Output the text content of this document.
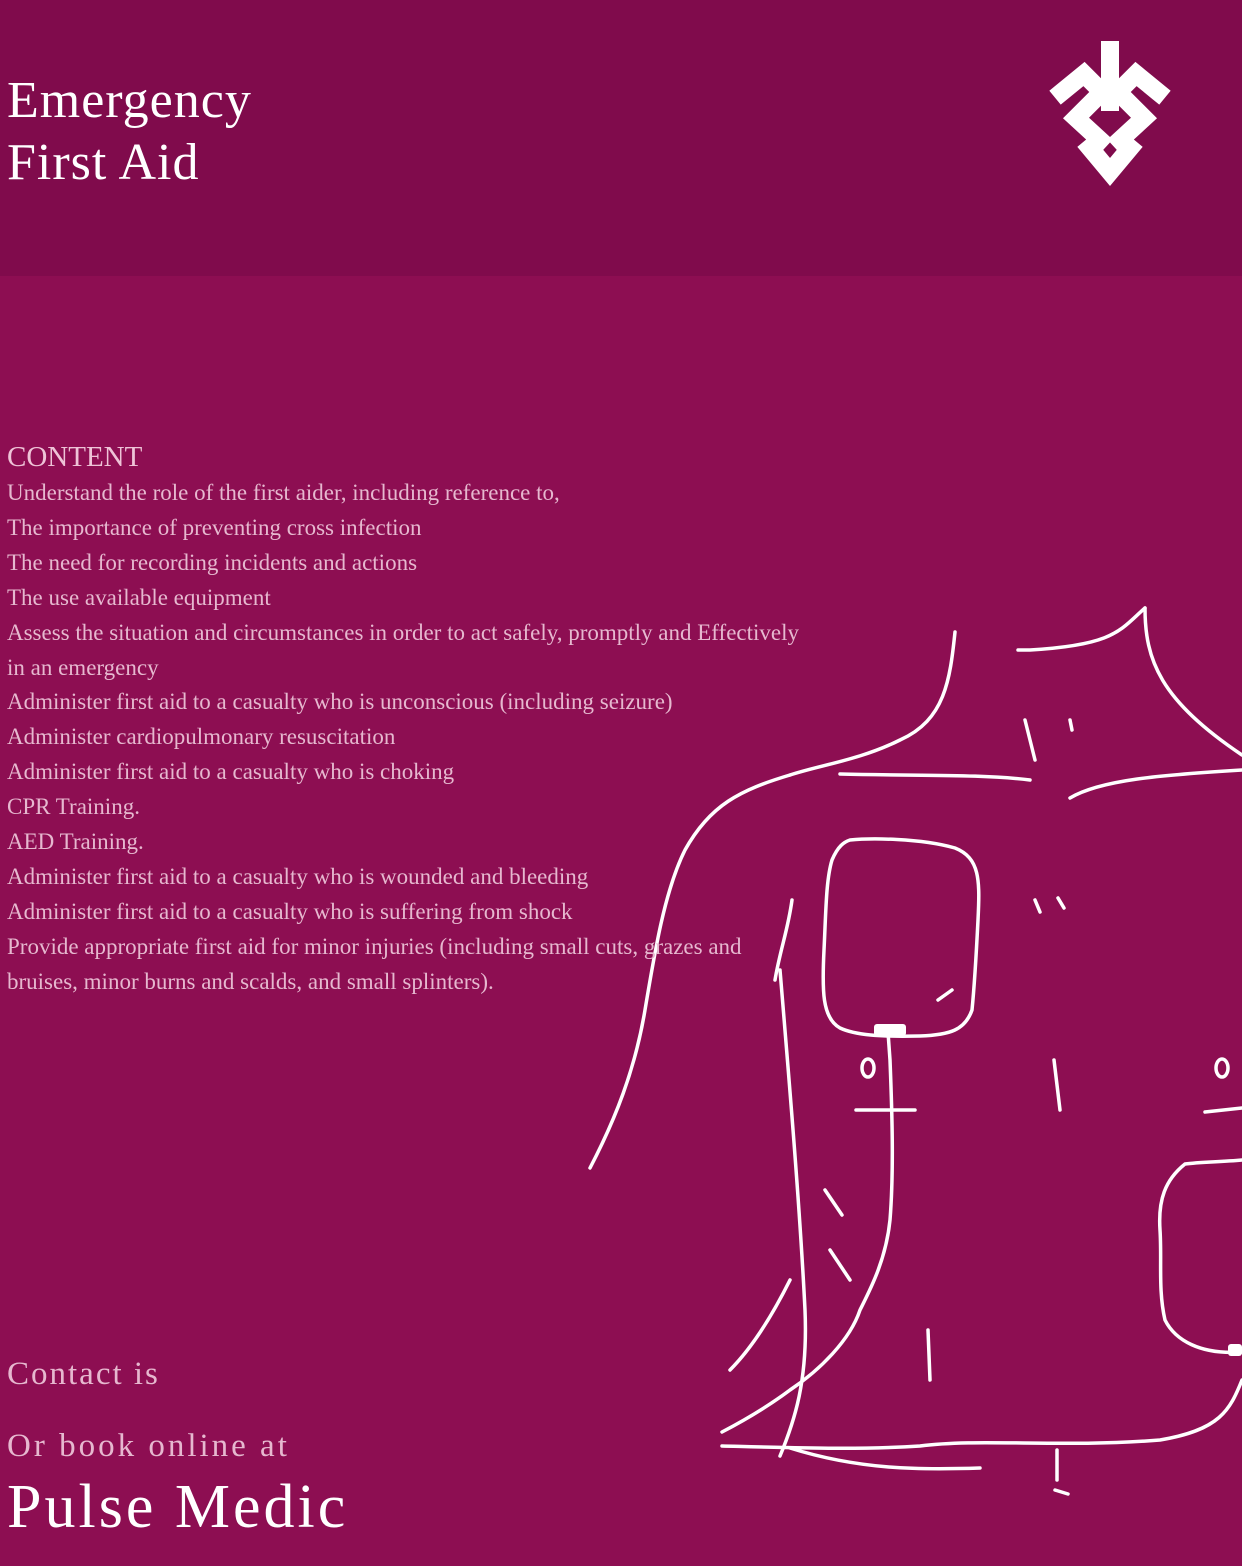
Emergency
First Aid
CONTENT
Understand the role of the first aider, including reference to,
The importance of preventing cross infection
The need for recording incidents and actions
The use available equipment
Assess the situation and circumstances in order to act safely, promptly and Effectively
in an emergency
Administer first aid to a casualty who is unconscious (including seizure)
Administer cardiopulmonary resuscitation
Administer first aid to a casualty who is choking
CPR Training.
AED Training.
Administer first aid to a casualty who is wounded and bleeding
Administer first aid to a casualty who is suffering from shock
Provide appropriate first aid for minor injuries (including small cuts, grazes and
bruises, minor burns and scalds, and small splinters).
Contact is
Or book online at
Pulse Medic
